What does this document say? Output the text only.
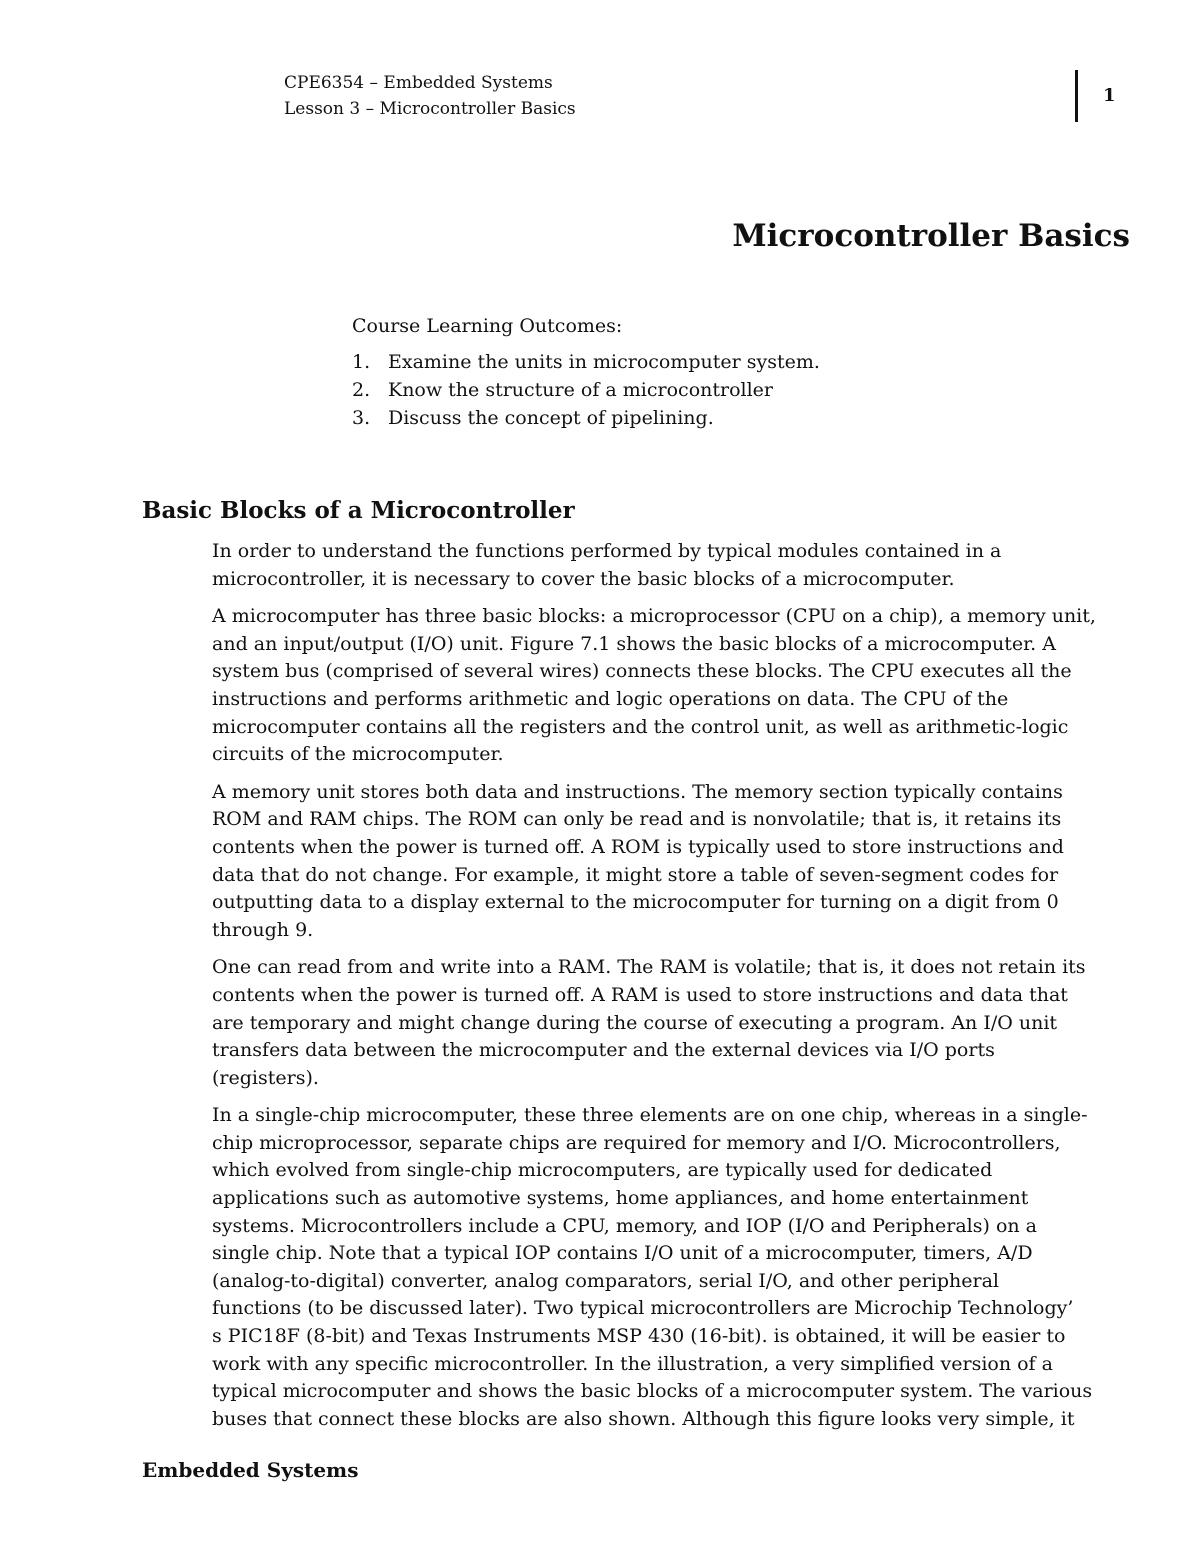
CPE6354 – Embedded Systems
Lesson 3 – Microcontroller Basics
1
Microcontroller Basics
Course Learning Outcomes:
1. Examine the units in microcomputer system.
2. Know the structure of a microcontroller
3. Discuss the concept of pipelining.
Basic Blocks of a Microcontroller
In order to understand the functions performed by typical modules contained in a
microcontroller, it is necessary to cover the basic blocks of a microcomputer.
A microcomputer has three basic blocks: a microprocessor (CPU on a chip), a memory unit,
and an input/output (I/O) unit. Figure 7.1 shows the basic blocks of a microcomputer. A
system bus (comprised of several wires) connects these blocks. The CPU executes all the
instructions and performs arithmetic and logic operations on data. The CPU of the
microcomputer contains all the registers and the control unit, as well as arithmetic-logic
circuits of the microcomputer.
A memory unit stores both data and instructions. The memory section typically contains
ROM and RAM chips. The ROM can only be read and is nonvolatile; that is, it retains its
contents when the power is turned off. A ROM is typically used to store instructions and
data that do not change. For example, it might store a table of seven-segment codes for
outputting data to a display external to the microcomputer for turning on a digit from 0
through 9.
One can read from and write into a RAM. The RAM is volatile; that is, it does not retain its
contents when the power is turned off. A RAM is used to store instructions and data that
are temporary and might change during the course of executing a program. An I/O unit
transfers data between the microcomputer and the external devices via I/O ports
(registers).
In a single-chip microcomputer, these three elements are on one chip, whereas in a single-
chip microprocessor, separate chips are required for memory and I/O. Microcontrollers,
which evolved from single-chip microcomputers, are typically used for dedicated
applications such as automotive systems, home appliances, and home entertainment
systems. Microcontrollers include a CPU, memory, and IOP (I/O and Peripherals) on a
single chip. Note that a typical IOP contains I/O unit of a microcomputer, timers, A/D
(analog-to-digital) converter, analog comparators, serial I/O, and other peripheral
functions (to be discussed later). Two typical microcontrollers are Microchip Technology’
s PIC18F (8-bit) and Texas Instruments MSP 430 (16-bit). is obtained, it will be easier to
work with any specific microcontroller. In the illustration, a very simplified version of a
typical microcomputer and shows the basic blocks of a microcomputer system. The various
buses that connect these blocks are also shown. Although this figure looks very simple, it
Embedded Systems
